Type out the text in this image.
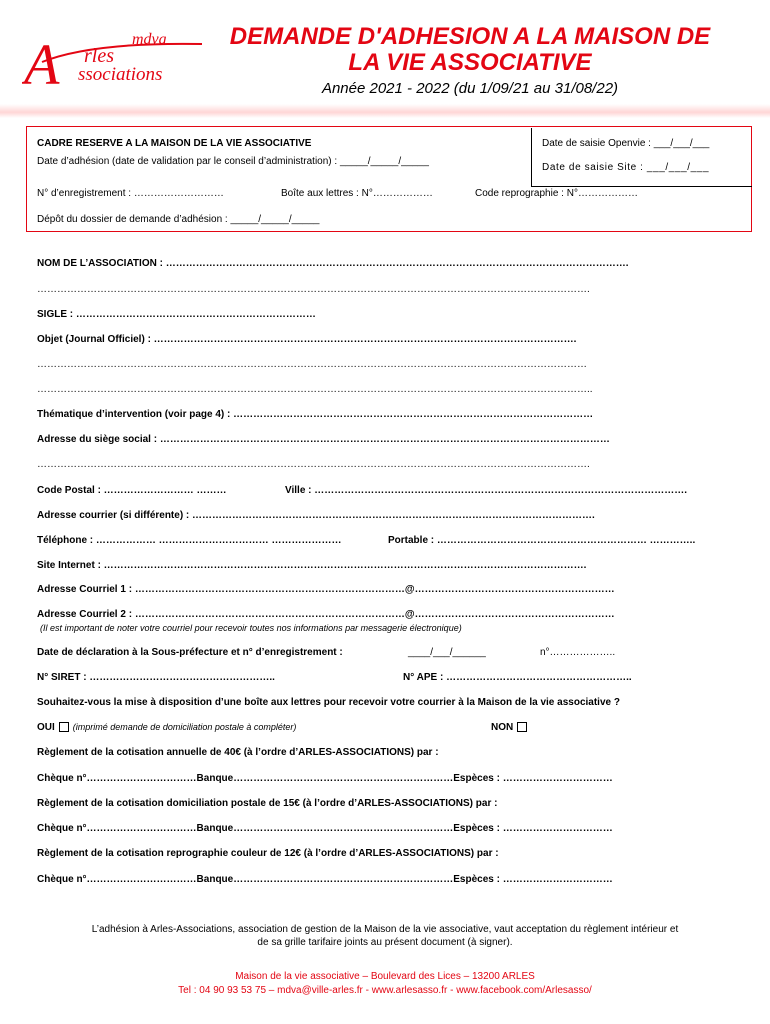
A	mdva
rles
ssociations
DEMANDE D'ADHESION A LA MAISON DE
LA VIE ASSOCIATIVE
Année 2021 - 2022 (du 1/09/21 au 31/08/22)
CADRE RESERVE A LA MAISON DE LA VIE ASSOCIATIVE
Date d’adhésion (date de validation par le conseil d’administration) : _____/_____/_____
Date de saisie Openvie : ___/___/___
Date de saisie Site : ___/___/___
N° d’enregistrement : ………………………	Boîte aux lettres : N°………………	Code reprographie : N°………………
Dépôt du dossier de demande d’adhésion : _____/_____/_____
NOM DE L’ASSOCIATION : ………………………………………………………………………………………………………………………….
………………………………………………………………………………………………………………………………………………….
SIGLE : ………………………………………………………………
Objet (Journal Officiel) : ……………………………………………………………………………………………………………….
…………………………………………………………………………………………………………………………………………………
…………………………………………………………………………………………………………………………………………………..
Thématique d’intervention (voir page 4) : ………………………………………………………………………………………………
Adresse du siège social : ………………………………………………………………………………………………………………………
………………………………………………………………………………………………………………………………………………….
Code Postal : ……………………… ………	Ville : ………………………………………………………………………………………………….
Adresse courrier (si différente) : ………………………………………………………………………………………………………….
Téléphone : ……………… …………………………… …………………	Portable : ……………………………………………………… …………..
Site Internet : ……………………………………………………………………………………………………………………………….
Adresse Courriel 1 : ………………………………………………………………………@……………………………………………………
Adresse Courriel 2 : ………………………………………………………………………@……………………………………………………
(Il est important de noter votre courriel pour recevoir toutes nos informations par messagerie électronique)
Date de déclaration à la Sous-préfecture et n° d’enregistrement :	____/___/______	n°………………..
N° SIRET : ………………………………………………..	N° APE : ………………………………………………..
Souhaitez-vous la mise à disposition d’une boîte aux lettres pour recevoir votre courrier à la Maison de la vie associative ?
OUI (imprimé demande de domiciliation postale à compléter)	NON
Règlement de la cotisation annuelle de 40€ (à l’ordre d’ARLES-ASSOCIATIONS) par :
Chèque n°……………………………Banque…………………………………………………………Espèces : ……………………………
Règlement de la cotisation domiciliation postale de 15€ (à l’ordre d’ARLES-ASSOCIATIONS) par :
Chèque n°……………………………Banque…………………………………………………………Espèces : ……………………………
Règlement de la cotisation reprographie couleur de 12€ (à l’ordre d’ARLES-ASSOCIATIONS) par :
Chèque n°……………………………Banque…………………………………………………………Espèces : ……………………………
L’adhésion à Arles-Associations, association de gestion de la Maison de la vie associative, vaut acceptation du règlement intérieur et
de sa grille tarifaire joints au présent document (à signer).
Maison de la vie associative – Boulevard des Lices – 13200 ARLES
Tel : 04 90 93 53 75 – mdva@ville-arles.fr - www.arlesasso.fr - www.facebook.com/Arlesasso/
